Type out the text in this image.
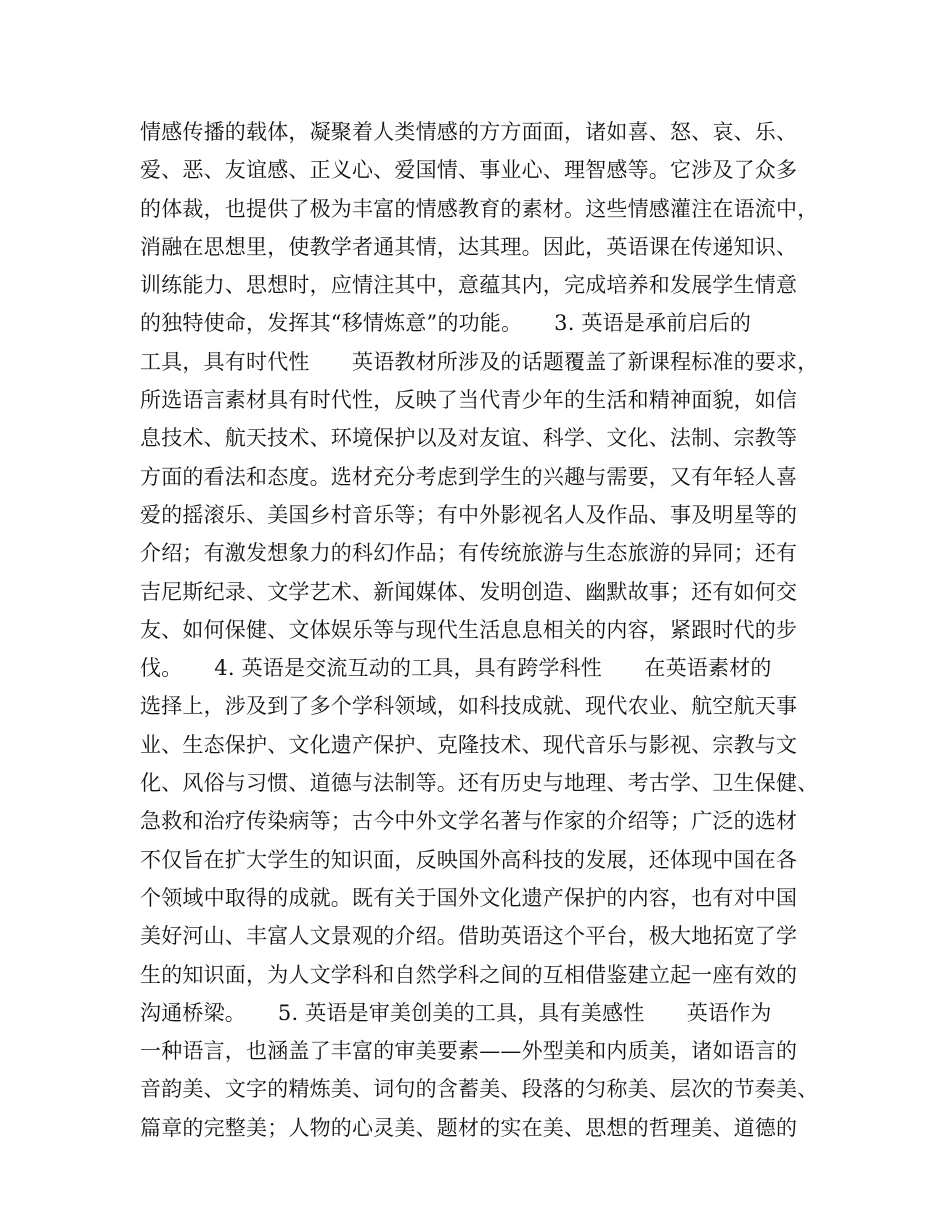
情感传播的载体，凝聚着人类情感的方方面面，诸如喜、怒、哀、乐、
爱、恶、友谊感、正义心、爱国情、事业心、理智感等。它涉及了众多
的体裁，也提供了极为丰富的情感教育的素材。这些情感灌注在语流中，
消融在思想里，使教学者通其情，达其理。因此，英语课在传递知识、
训练能力、思想时，应情注其中，意蕴其内，完成培养和发展学生情意
的独特使命，发挥其“移情炼意”的功能。　　3. 英语是承前启后的
工具，具有时代性　　英语教材所涉及的话题覆盖了新课程标准的要求，
所选语言素材具有时代性，反映了当代青少年的生活和精神面貌，如信
息技术、航天技术、环境保护以及对友谊、科学、文化、法制、宗教等
方面的看法和态度。选材充分考虑到学生的兴趣与需要，又有年轻人喜
爱的摇滚乐、美国乡村音乐等；有中外影视名人及作品、事及明星等的
介绍；有激发想象力的科幻作品；有传统旅游与生态旅游的异同；还有
吉尼斯纪录、文学艺术、新闻媒体、发明创造、幽默故事；还有如何交
友、如何保健、文体娱乐等与现代生活息息相关的内容，紧跟时代的步
伐。　　4. 英语是交流互动的工具，具有跨学科性　　在英语素材的
选择上，涉及到了多个学科领域，如科技成就、现代农业、航空航天事
业、生态保护、文化遗产保护、克隆技术、现代音乐与影视、宗教与文
化、风俗与习惯、道德与法制等。还有历史与地理、考古学、卫生保健、
急救和治疗传染病等；古今中外文学名著与作家的介绍等；广泛的选材
不仅旨在扩大学生的知识面，反映国外高科技的发展，还体现中国在各
个领域中取得的成就。既有关于国外文化遗产保护的内容，也有对中国
美好河山、丰富人文景观的介绍。借助英语这个平台，极大地拓宽了学
生的知识面，为人文学科和自然学科之间的互相借鉴建立起一座有效的
沟通桥梁。　　5. 英语是审美创美的工具，具有美感性　　英语作为
一种语言，也涵盖了丰富的审美要素——外型美和内质美，诸如语言的
音韵美、文字的精炼美、词句的含蓄美、段落的匀称美、层次的节奏美、
篇章的完整美；人物的心灵美、题材的实在美、思想的哲理美、道德的
